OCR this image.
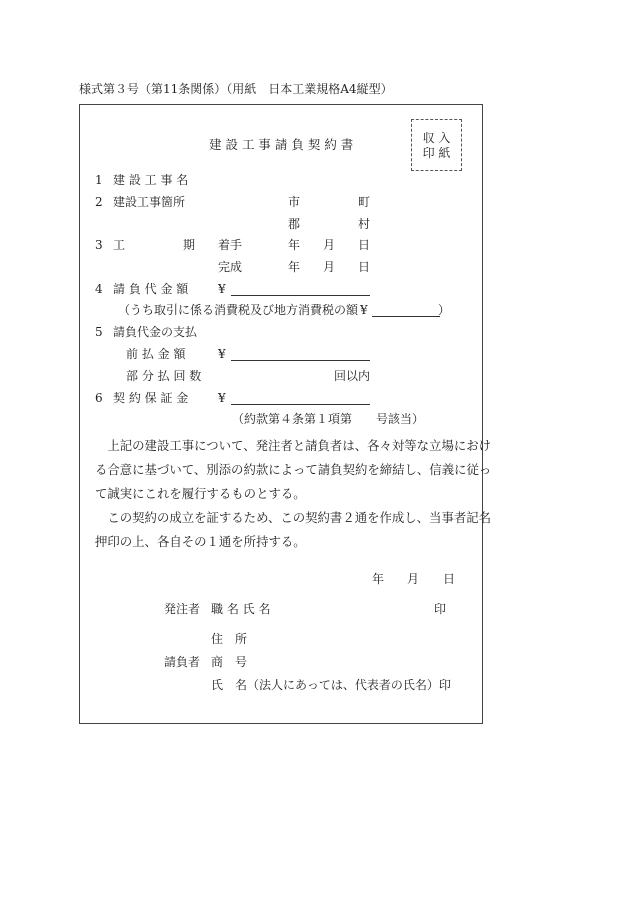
様式第３号（第11条関係）（用紙　日本工業規格A4縦型）
収 入
印 紙
建 設 工 事 請 負 契 約 書
1 建 設 工 事 名
2 建設工事箇所	市	町
郡	村
3 工	期 着手	年 月 日
完成	年 月 日
4 請 負 代 金 額 ¥
（うち取引に係る消費税及び地方消費税の額 ¥	）
5 請負代金の支払
前 払 金 額	¥
部 分 払 回 数	回以内
6 契 約 保 証 金 ¥
（約款第４条第１項第　　号該当）
　上記の建設工事について、発注者と請負者は、各々対等な立場におけ
る合意に基づいて、別添の約款によって請負契約を締結し、信義に従っ
て誠実にこれを履行するものとする。
　この契約の成立を証するため、この契約書２通を作成し、当事者記名
押印の上、各自その１通を所持する。
年 月 日
発注者 職 名 氏 名	印
住　所
請負者 商　号
氏　名（法人にあっては、代表者の氏名）印
